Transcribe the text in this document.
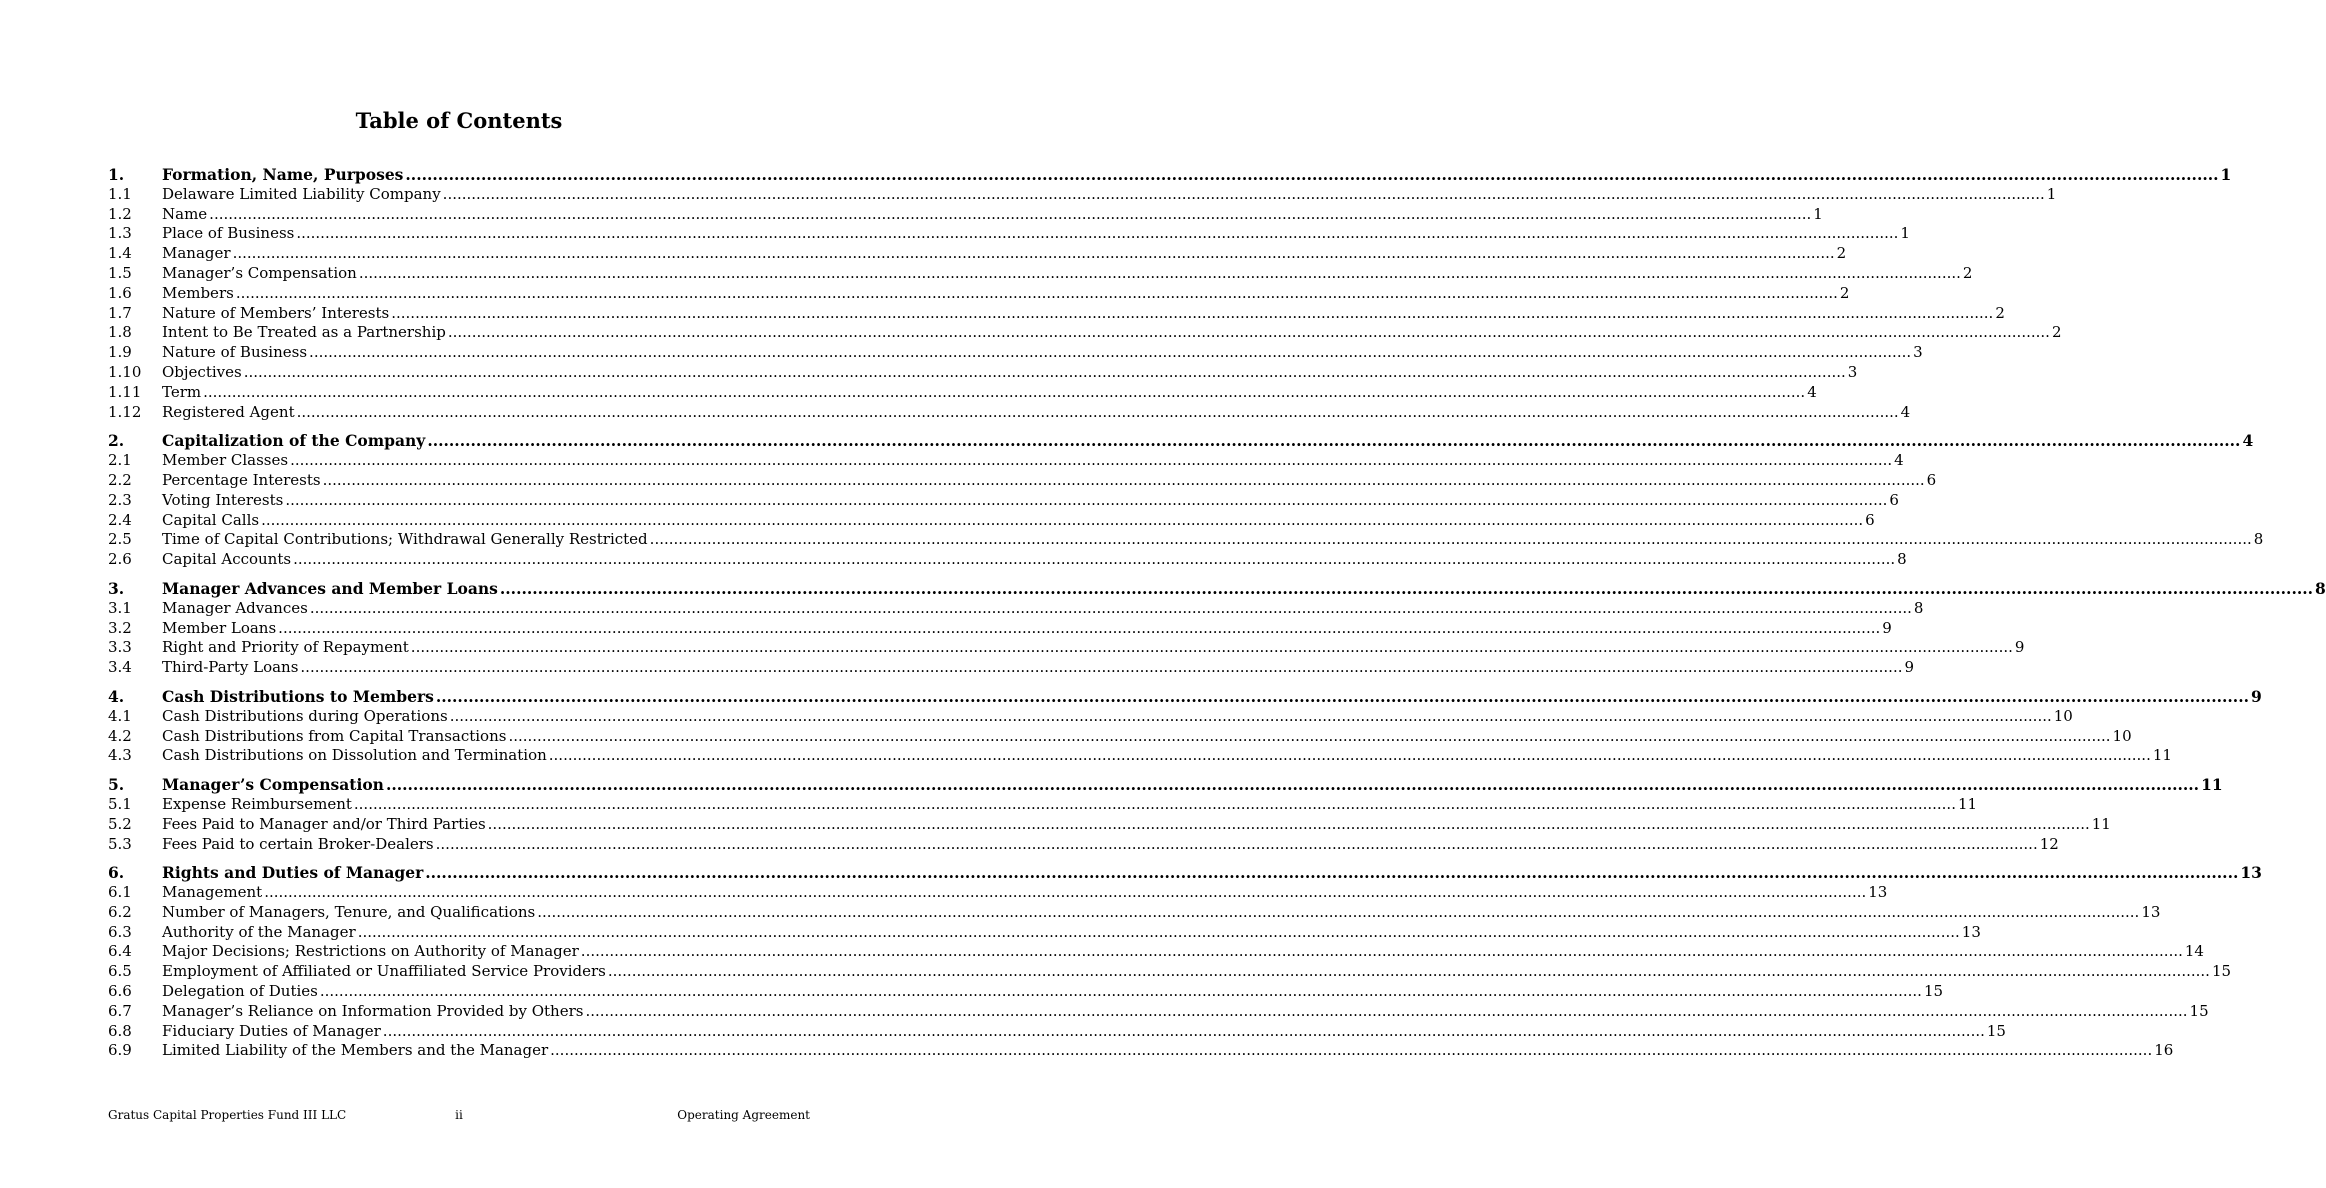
Table of Contents
1.	Formation, Name, Purposes .....	1
1.1	Delaware Limited Liability Company .....	1
1.2	Name .....	1
1.3	Place of Business .....	1
1.4	Manager .....	2
1.5	Manager’s Compensation .....	2
1.6	Members .....	2
1.7	Nature of Members’ Interests .....	2
1.8	Intent to Be Treated as a Partnership .....	2
1.9	Nature of Business .....	3
1.10	Objectives .....	3
1.11	Term .....	4
1.12	Registered Agent .....	4
2.	Capitalization of the Company .....	4
2.1	Member Classes .....	4
2.2	Percentage Interests .....	6
2.3	Voting Interests .....	6
2.4	Capital Calls .....	6
2.5	Time of Capital Contributions; Withdrawal Generally Restricted .....	8
2.6	Capital Accounts .....	8
3.	Manager Advances and Member Loans .....	8
3.1	Manager Advances .....	8
3.2	Member Loans .....	9
3.3	Right and Priority of Repayment .....	9
3.4	Third-Party Loans .....	9
4.	Cash Distributions to Members .....	9
4.1	Cash Distributions during Operations .....	10
4.2	Cash Distributions from Capital Transactions .....	10
4.3	Cash Distributions on Dissolution and Termination .....	11
5.	Manager’s Compensation .....	11
5.1	Expense Reimbursement .....	11
5.2	Fees Paid to Manager and/or Third Parties .....	11
5.3	Fees Paid to certain Broker-Dealers .....	12
6.	Rights and Duties of Manager .....	13
6.1	Management .....	13
6.2	Number of Managers, Tenure, and Qualifications .....	13
6.3	Authority of the Manager .....	13
6.4	Major Decisions; Restrictions on Authority of Manager .....	14
6.5	Employment of Affiliated or Unaffiliated Service Providers .....	15
6.6	Delegation of Duties .....	15
6.7	Manager’s Reliance on Information Provided by Others .....	15
6.8	Fiduciary Duties of Manager .....	15
6.9	Limited Liability of the Members and the Manager .....	16
Gratus Capital Properties Fund III LLC	ii	Operating Agreement
